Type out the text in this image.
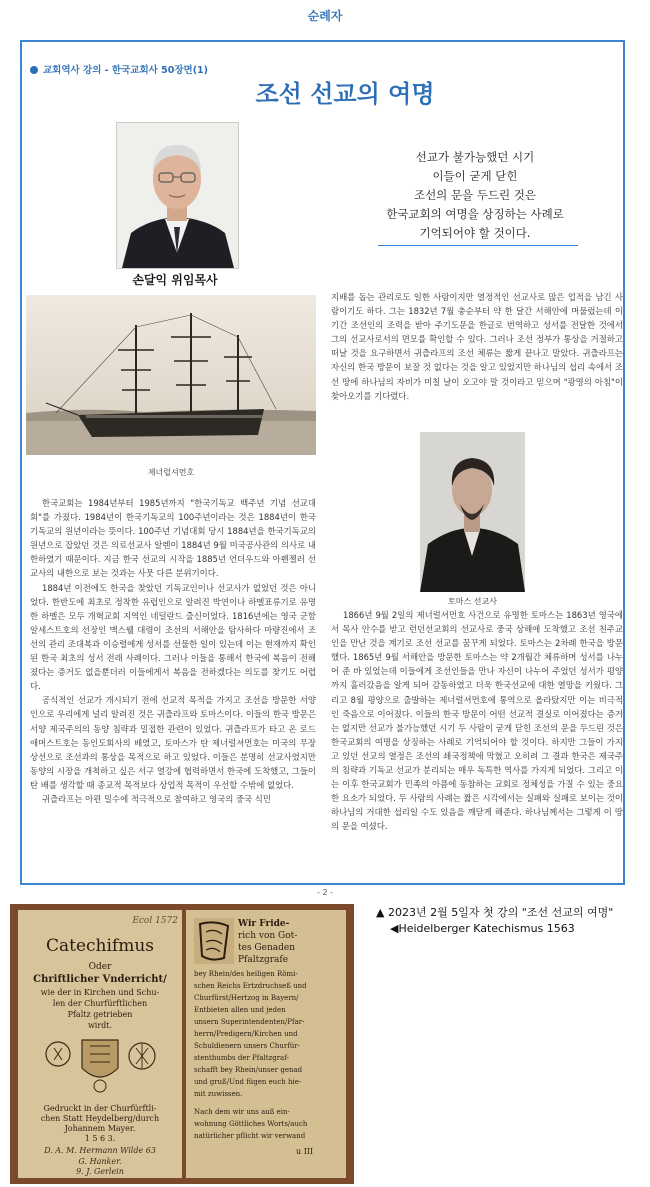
순례자
교회역사 강의 - 한국교회사 50장면(1)
조선 선교의 여명
손달익 위임목사
선교가 불가능했던 시기
이들이 굳게 닫힌
조선의 문을 두드린 것은
한국교회의 여명을 상징하는 사례로
기억되어야 할 것이다.
제너럴셔먼호

한국교회는 1984년부터 1985년까지 "한국기독교 백주년 기념 선교대회"를 가졌다. 1984년이 한국기독교의 100주년이라는 것은 1884년이 한국기독교의 원년이라는 뜻이다. 100주년 기념대회 당시 1884년을 한국기독교의 원년으로 잡았던 것은 의료선교사 알렌이 1884년 9월 미국공사관의 의사로 내한하였기 때문이다. 지금 한국 선교의 시작을 1885년 언더우드와 아펜젤러 선교사의 내한으로 보는 것과는 사뭇 다른 분위기이다.

1884년 이전에도 한국을 찾았던 기독교인이나 선교사가 없었던 것은 아니었다. 한반도에 최초로 정착한 유럽인으로 알려진 박연이나 하멜표류기로 유명한 하멜은 모두 개혁교회 지역인 네덜란드 출신이었다. 1816년에는 영국 군함 알세스트호의 선장인 맥스웰 대령이 조선의 서해안을 탐사하다 마량진에서 조선의 관리 조대복과 이승렬에게 성서를 선물한 일이 있는데 이는 현재까지 확인된 한국 최초의 성서 전래 사례이다. 그러나 이들을 통해서 한국에 복음이 전해졌다는 증거도 없을뿐더러 이들에게서 복음을 전하겠다는 의도를 찾기도 어렵다.

공식적인 선교가 개시되기 전에 선교적 목적을 가지고 조선을 방문한 서양인으로 우리에게 널리 알려진 것은 귀츨라프와 토마스이다. 이들의 한국 방문은 서양 제국주의의 동양 침략과 밀접한 관련이 있었다. 귀츨라프가 타고 온 로드 애머스트호는 동인도회사의 배였고, 토마스가 탄 제너럴셔먼호는 미국의 무장상선으로 조선과의 통상을 목적으로 하고 있었다. 이들은 분명히 선교사였지만 동양의 시장을 개척하고 싶은 서구 열강에 협력하면서 한국에 도착했고, 그들이 탄 배를 생각할 때 종교적 목적보다 상업적 목적이 우선할 수밖에 없었다.

귀츨라프는 아편 밀수에 적극적으로 참여하고 영국의 중국 식민

지배를 돕는 관리로도 일한 사람이지만 열정적인 선교사로 많은 업적을 남긴 사람이기도 하다. 그는 1832년 7월 충순부터 약 한 달간 서해안에 머물렀는데 이 기간 조선인의 조력을 받아 주기도문을 한글로 번역하고 성서를 전달한 것에서 그의 선교사로서의 면모를 확인할 수 있다. 그러나 조선 정부가 통상을 거절하고 떠날 것을 요구하면서 귀츨라프의 조선 체류는 짧게 끝나고 말았다. 귀츨라프는 자신의 한국 방문이 보잘 것 없다는 것을 알고 있었지만 하나님의 섭리 속에서 조선 땅에 하나님의 자비가 미칠 날이 오고야 말 것이라고 믿으며 "광명의 아침"이 찾아오기를 기다렸다.

토마스 선교사

1866년 9월 2일의 제너럴셔먼호 사건으로 유명한 토마스는 1863년 영국에서 목사 안수를 받고 런던선교회의 선교사로 중국 상해에 도착했고 조선 천주교인을 만난 것을 계기로 조선 선교를 꿈꾸게 되었다. 토마스는 2차례 한국을 방문했다. 1865년 9월 서해안을 방문한 토마스는 약 2개월간 체류하며 성서를 나누어 준 바 있었는데 이들에게 조선인들을 만나 자신이 나누어 주었던 성서가 평양까지 흘러갔음을 알게 되어 감동하였고 더욱 한국선교에 대한 열망을 키웠다. 그리고 8월 평양으로 출발하는 제너럴셔먼호에 통역으로 올라탔지만 이는 비극적인 죽음으로 이어졌다. 이들의 한국 방문이 어떤 선교적 결실로 이어졌다는 증거는 없지만 선교가 불가능했던 시기 두 사람이 굳게 닫힌 조선의 문을 두드린 것은 한국교회의 여명을 상징하는 사례로 기억되어야 할 것이다. 하지만 그들이 가지고 있던 선교의 열정은 조선의 쇄국정책에 막혔고 오히려 그 결과 한국은 제국주의 침략과 기독교 선교가 분리되는 매우 독특한 역사를 가지게 되었다. 그리고 이는 이후 한국교회가 민족의 아픔에 동참하는 교회로 정체성을 가질 수 있는 중요한 요소가 되었다. 두 사람의 사례는 짧은 시각에서는 실패와 실패로 보이는 것이 하나님의 거대한 섭리일 수도 있음을 깨닫게 해준다. 하나님께서는 그렇게 이 땅의 문을 여셨다.

- 2 -
Ecol 1572
Catechifmus
Oder
Chriftlicher Vnderricht/
wie der in Kirchen und Schu-
len der Churfürftlichen
Pfaltz getrieben
wirdt.
Gedruckt in der Churfürftli-
chen Statt Heydelberg/durch
Johannem Mayer.
1 5 6 3.
D. A. M. Hermann Wilde 63
G. Hanker.
9. J. Gerlein
Wir Fride-
rich von Got-
tes Genaden
Pfaltzgrafe
bey Rhein/des heiligen Römi-
schen Reichs Ertzdruchseß und
Churfürst/Hertzog in Bayern/
Entbieten allen und jeden
unsern Superintendenten/Pfar-
herrn/Predigern/Kirchen und
Schuldienern unsers Churfür-
stenthumbs der Pfaltzgraf-
schafft bey Rhein/unser genad
und gruß/Und fügen euch hie-
mit zuwissen.
Nach dem wir uns auß ein-
wohnung Göttliches Worts/auch
natürlicher pflicht wir verwand
u III
▲ 2023년 2월 5일자 첫 강의 "조선 선교의 여명"
◀Heidelberger Katechismus 1563
